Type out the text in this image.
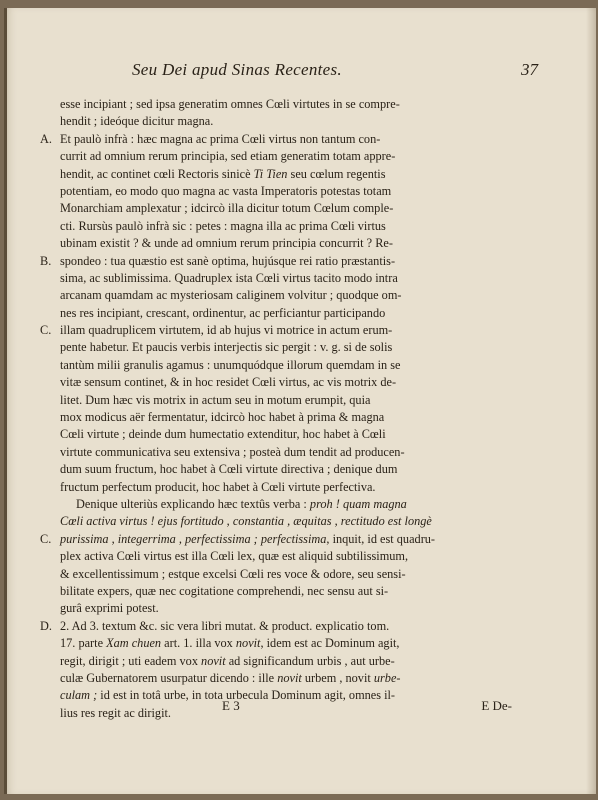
Seu Dei apud Sinas Recentes.	37
esse incipiant ; sed ipsa generatim omnes Cœli virtutes in se compre-
hendit ; ideóque dicitur magna.
A. Et paulò infrà : hæc magna ac prima Cœli virtus non tantum con-
currit ad omnium rerum principia, sed etiam generatim totam appre-
hendit, ac continet cœli Rectoris sinicè Ti Tien seu cœlum regentis
potentiam, eo modo quo magna ac vasta Imperatoris potestas totam
Monarchiam amplexatur ; idcircò illa dicitur totum Cœlum comple-
cti. Rursùs paulò infrà sic : petes : magna illa ac prima Cœli virtus
ubinam existit ? & unde ad omnium rerum principia concurrit ? Re-
B. spondeo : tua quæstio est sanè optima, hujúsque rei ratio præstantis-
sima, ac sublimissima. Quadruplex ista Cœli virtus tacito modo intra
arcanam quamdam ac mysteriosam caliginem volvitur ; quodque om-
nes res incipiant, crescant, ordinentur, ac perficiantur participando
C. illam quadruplicem virtutem, id ab hujus vi motrice in actum erum-
pente habetur. Et paucis verbis interjectis sic pergit : v. g. si de solis
tantùm milii granulis agamus : unumquódque illorum quemdam in se
vitæ sensum continet, & in hoc residet Cœli virtus, ac vis motrix de-
litet. Dum hæc vis motrix in actum seu in motum erumpit, quia
mox modicus aër fermentatur, idcircò hoc habet à prima & magna
Cœli virtute ; deinde dum humectatio extenditur, hoc habet à Cœli
virtute communicativa seu extensiva ; posteà dum tendit ad producen-
dum suum fructum, hoc habet à Cœli virtute directiva ; denique dum
fructum perfectum producit, hoc habet à Cœli virtute perfectiva.
Denique ulteriùs explicando hæc textûs verba : proh ! quam magna
Cœli activa virtus ! ejus fortitudo , constantia , æquitas , rectitudo est longè
C. purissima , integerrima , perfectissima ; perfectissima, inquit, id est quadru-
plex activa Cœli virtus est illa Cœli lex, quæ est aliquid subtilissimum,
& excellentissimum ; estque excelsi Cœli res voce & odore, seu sensi-
bilitate expers, quæ nec cogitatione comprehendi, nec sensu aut si-
gurâ exprimi potest.
D. 2. Ad 3. textum &c. sic vera libri mutat. & product. explicatio tom.
17. parte Xam chuen art. 1. illa vox novit, idem est ac Dominum agit,
regit, dirigit ; uti eadem vox novit ad significandum urbis , aut urbe-
culæ Gubernatorem usurpatur dicendo : ille novit urbem , novit urbe-
culam ; id est in totâ urbe, in tota urbecula Dominum agit, omnes il-
lius res regit ac dirigit.	E 3	E De-
